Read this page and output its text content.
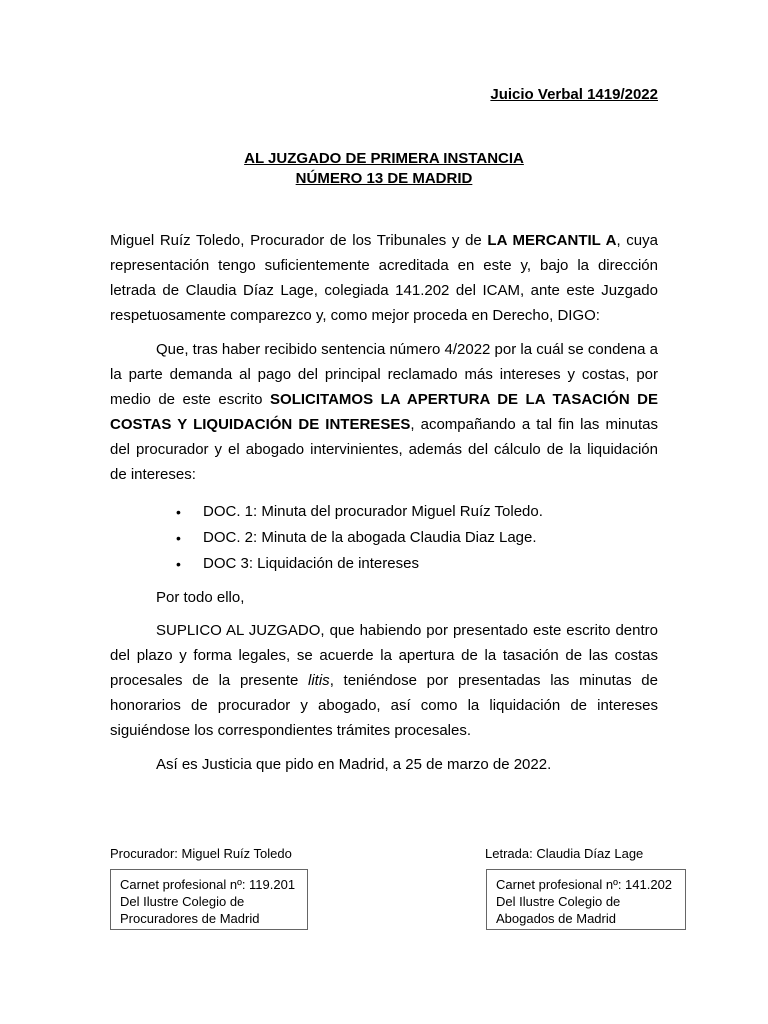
Juicio Verbal 1419/2022
AL JUZGADO DE PRIMERA INSTANCIA
NÚMERO 13 DE MADRID

Miguel Ruíz Toledo, Procurador de los Tribunales y de LA MERCANTIL A, cuya representación tengo suficientemente acreditada en este y, bajo la dirección letrada de Claudia Díaz Lage, colegiada 141.202 del ICAM, ante este Juzgado respetuosamente comparezco y, como mejor proceda en Derecho, DIGO:

Que, tras haber recibido sentencia número 4/2022 por la cuál se condena a la parte demanda al pago del principal reclamado más intereses y costas, por medio de este escrito SOLICITAMOS LA APERTURA DE LA TASACIÓN DE COSTAS Y LIQUIDACIÓN DE INTERESES, acompañando a tal fin las minutas del procurador y el abogado intervinientes, además del cálculo de la liquidación de intereses:

• DOC. 1: Minuta del procurador Miguel Ruíz Toledo.
• DOC. 2: Minuta de la abogada Claudia Diaz Lage.
• DOC 3: Liquidación de intereses

Por todo ello,

SUPLICO AL JUZGADO, que habiendo por presentado este escrito dentro del plazo y forma legales, se acuerde la apertura de la tasación de las costas procesales de la presente litis, teniéndose por presentadas las minutas de honorarios de procurador y abogado, así como la liquidación de intereses siguiéndose los correspondientes trámites procesales.

Así es Justicia que pido en Madrid, a 25 de marzo de 2022.

Procurador: Miguel Ruíz Toledo	Letrada: Claudia Díaz Lage
Carnet profesional nº: 119.201
Del Ilustre Colegio de
Procuradores de Madrid
Carnet profesional nº: 141.202
Del Ilustre Colegio de
Abogados de Madrid
